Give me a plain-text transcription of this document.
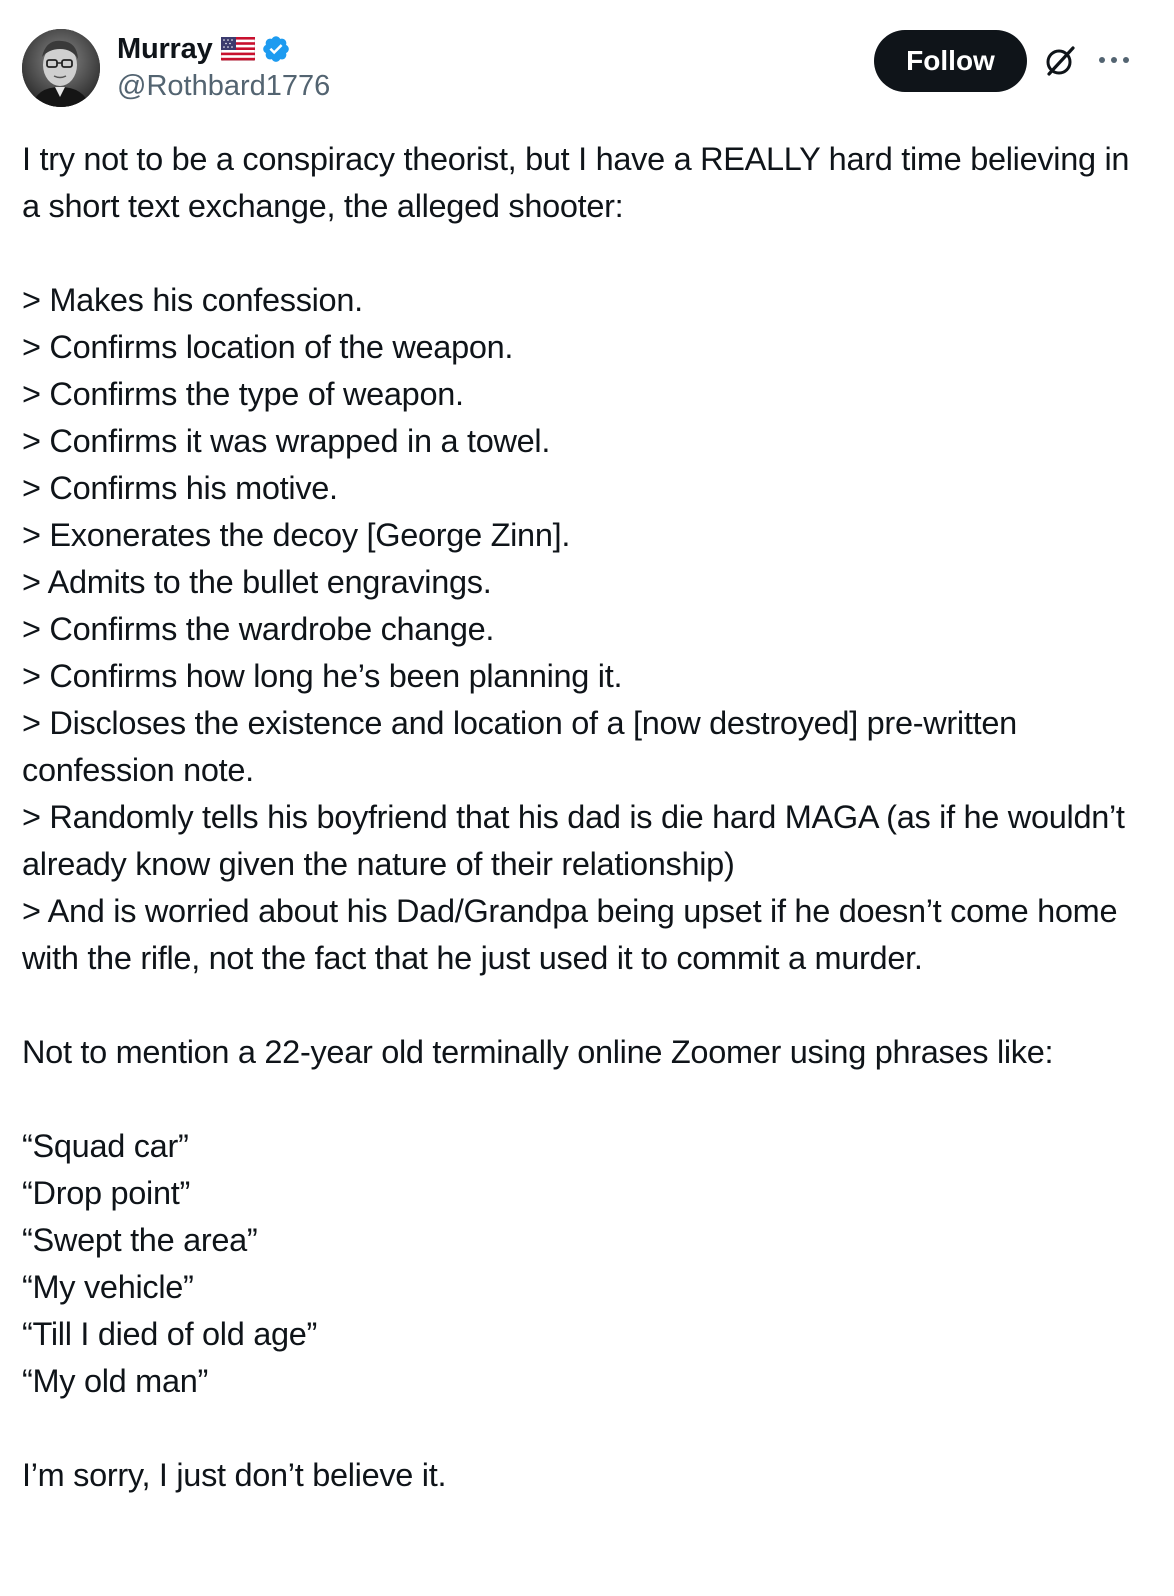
Murray
@Rothbard1776
Follow

I try not to be a conspiracy theorist, but I have a REALLY hard time believing in a short text exchange, the alleged shooter:

> Makes his confession.

> Confirms location of the weapon.

> Confirms the type of weapon.

> Confirms it was wrapped in a towel.

> Confirms his motive.

> Exonerates the decoy [George Zinn].

> Admits to the bullet engravings.

> Confirms the wardrobe change.

> Confirms how long he’s been planning it.

> Discloses the existence and location of a [now destroyed] pre-written confession note.

> Randomly tells his boyfriend that his dad is die hard MAGA (as if he wouldn’t already know given the nature of their relationship)

> And is worried about his Dad/Grandpa being upset if he doesn’t come home with the rifle, not the fact that he just used it to commit a murder.

Not to mention a 22-year old terminally online Zoomer using phrases like:

“Squad car”

“Drop point”

“Swept the area”

“My vehicle”

“Till I died of old age”

“My old man”

I’m sorry, I just don’t believe it.
